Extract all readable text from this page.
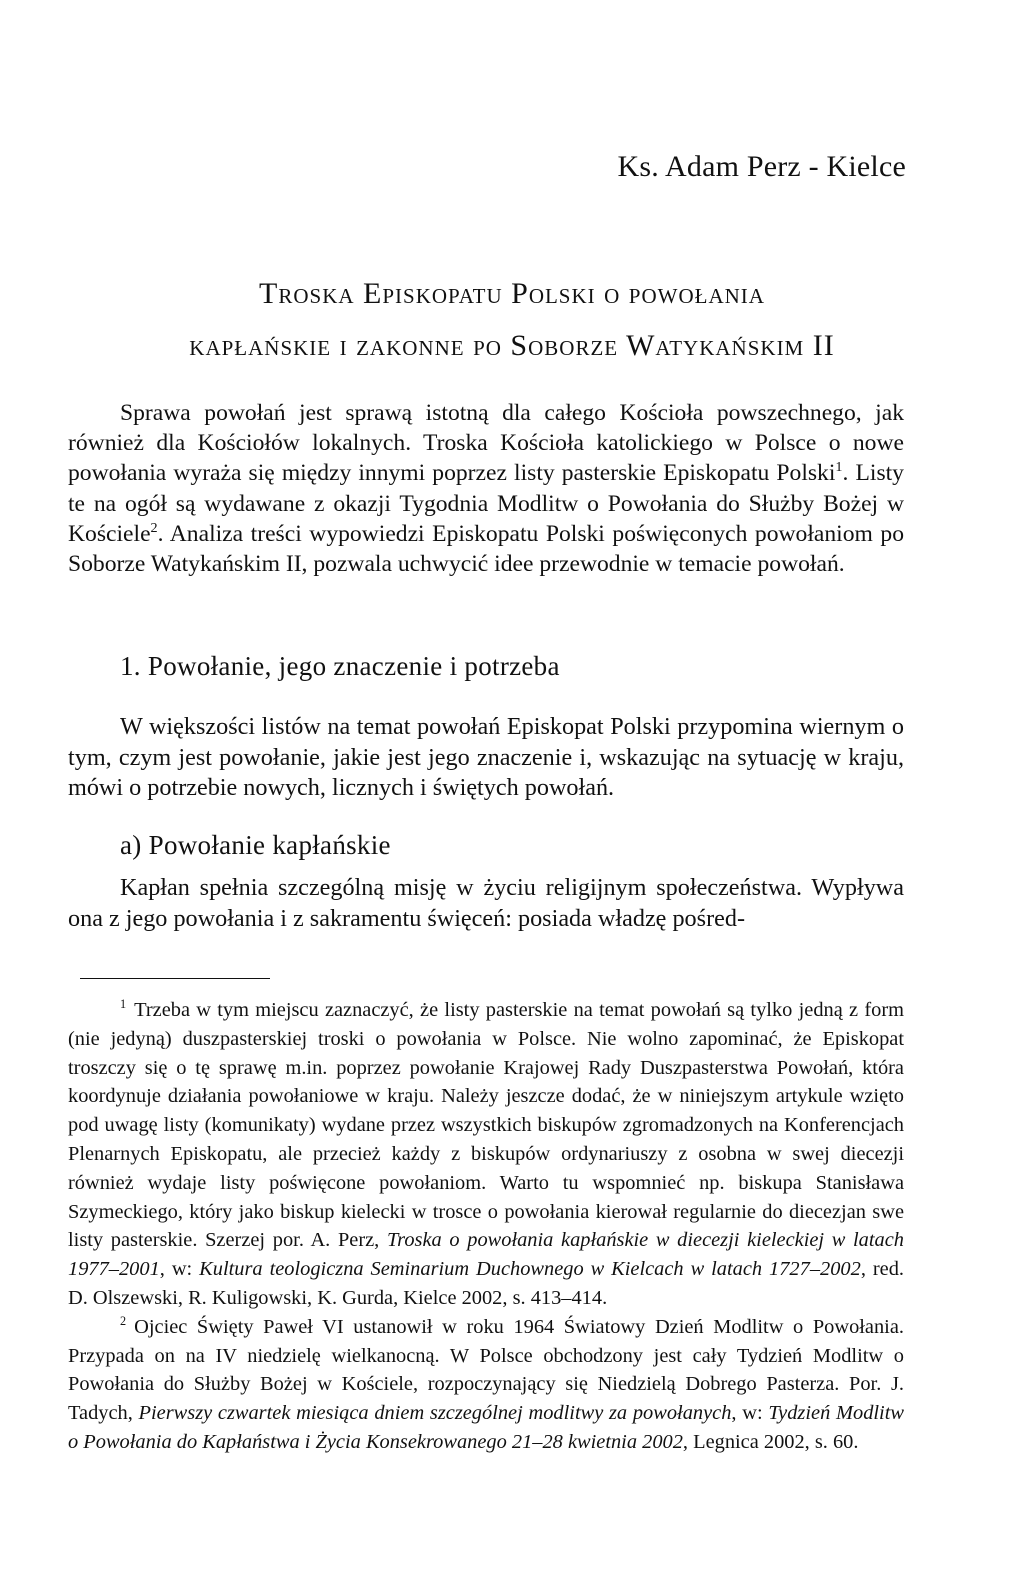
Ks. Adam Perz - Kielce
Troska Episkopatu Polski o powołania
kapłańskie i zakonne po Soborze Watykańskim II

Sprawa powołań jest sprawą istotną dla całego Kościoła powszechnego, jak również dla Kościołów lokalnych. Troska Kościoła katolickiego w Polsce o nowe powołania wyraża się między innymi poprzez listy pasterskie Episkopatu Polski$^1$. Listy te na ogół są wydawane z okazji Tygodnia Modlitw o Powołania do Służby Bożej w Kościele$^2$. Analiza treści wypowiedzi Episkopatu Polski poświęconych powołaniom po Soborze Watykańskim II, pozwala uchwycić idee przewodnie w temacie powołań.

1. Powołanie, jego znaczenie i potrzeba

W większości listów na temat powołań Episkopat Polski przypomina wiernym o tym, czym jest powołanie, jakie jest jego znaczenie i, wskazując na sytuację w kraju, mówi o potrzebie nowych, licznych i świętych powołań.

a) Powołanie kapłańskie

Kapłan spełnia szczególną misję w życiu religijnym społeczeństwa. Wypływa ona z jego powołania i z sakramentu święceń: posiada władzę pośred-

$^1$ Trzeba w tym miejscu zaznaczyć, że listy pasterskie na temat powołań są tylko jedną z form (nie jedyną) duszpasterskiej troski o powołania w Polsce. Nie wolno zapominać, że Episkopat troszczy się o tę sprawę m.in. poprzez powołanie Krajowej Rady Duszpasterstwa Powołań, która koordynuje działania powołaniowe w kraju. Należy jeszcze dodać, że w niniejszym artykule wzięto pod uwagę listy (komunikaty) wydane przez wszystkich biskupów zgromadzonych na Konferencjach Plenarnych Episkopatu, ale przecież każdy z biskupów ordynariuszy z osobna w swej diecezji również wydaje listy poświęcone powołaniom. Warto tu wspomnieć np. biskupa Stanisława Szymeckiego, który jako biskup kielecki w trosce o powołania kierował regularnie do diecezjan swe listy pasterskie. Szerzej por. A. Perz, Troska o powołania kapłańskie w diecezji kieleckiej w latach 1977–2001, w: Kultura teologiczna Seminarium Duchownego w Kielcach w latach 1727–2002, red. D. Olszewski, R. Kuligowski, K. Gurda, Kielce 2002, s. 413–414.

$^2$ Ojciec Święty Paweł VI ustanowił w roku 1964 Światowy Dzień Modlitw o Powołania. Przypada on na IV niedzielę wielkanocną. W Polsce obchodzony jest cały Tydzień Modlitw o Powołania do Służby Bożej w Kościele, rozpoczynający się Niedzielą Dobrego Pasterza. Por. J. Tadych, Pierwszy czwartek miesiąca dniem szczególnej modlitwy za powołanych, w: Tydzień Modlitw o Powołania do Kapłaństwa i Życia Konsekrowanego 21–28 kwietnia 2002, Legnica 2002, s. 60.
